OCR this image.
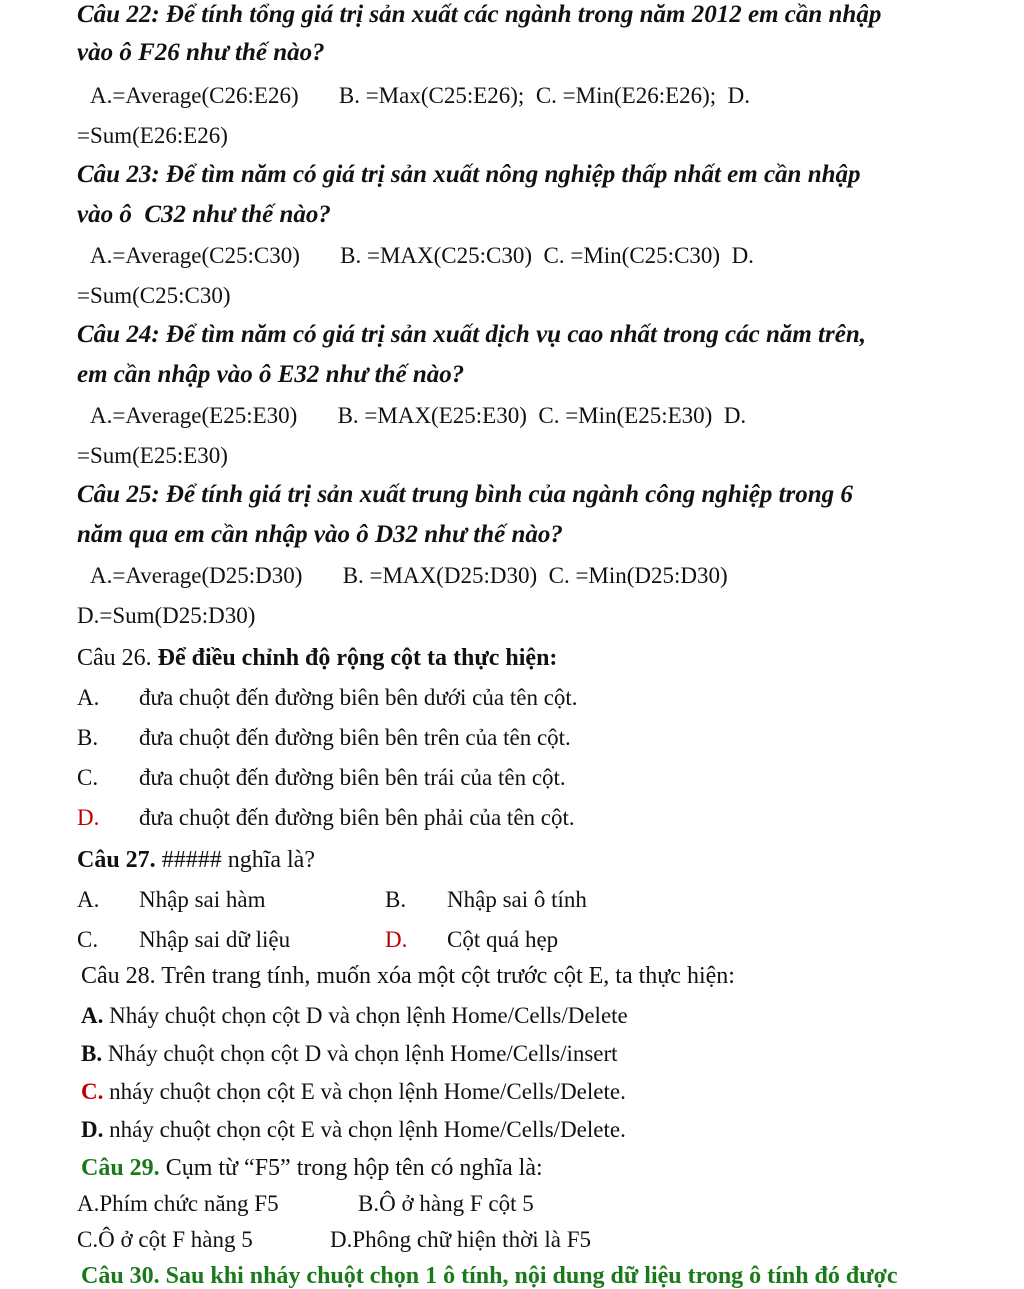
Câu 22: Để tính tổng giá trị sản xuất các ngành trong năm 2012 em cần nhập
vào ô F26 như thế nào?
A.=Average(C26:E26)       B. =Max(C25:E26);  C. =Min(E26:E26);  D.
=Sum(E26:E26)
Câu 23: Để tìm năm có giá trị sản xuất nông nghiệp thấp nhất em cần nhập
vào ô  C32 như thế nào?
A.=Average(C25:C30)       B. =MAX(C25:C30)  C. =Min(C25:C30)  D.
=Sum(C25:C30)
Câu 24: Để tìm năm có giá trị sản xuất dịch vụ cao nhất trong các năm trên,
em cần nhập vào ô E32 như thế nào?
A.=Average(E25:E30)       B. =MAX(E25:E30)  C. =Min(E25:E30)  D.
=Sum(E25:E30)
Câu 25: Để tính giá trị sản xuất trung bình của ngành công nghiệp trong 6
năm qua em cần nhập vào ô D32 như thế nào?
A.=Average(D25:D30)       B. =MAX(D25:D30)  C. =Min(D25:D30)
D.=Sum(D25:D30)
Câu 26. Để điều chỉnh độ rộng cột ta thực hiện:
A. đưa chuột đến đường biên bên dưới của tên cột.
B. đưa chuột đến đường biên bên trên của tên cột.
C. đưa chuột đến đường biên bên trái của tên cột.
D. đưa chuột đến đường biên bên phải của tên cột.
Câu 27. ##### nghĩa là?
A. Nhập sai hàm	B. Nhập sai ô tính
C. Nhập sai dữ liệu	D. Cột quá hẹp
Câu 28. Trên trang tính, muốn xóa một cột trước cột E, ta thực hiện:
A. Nháy chuột chọn cột D và chọn lệnh Home/Cells/Delete
B. Nháy chuột chọn cột D và chọn lệnh Home/Cells/insert
C. nháy chuột chọn cột E và chọn lệnh Home/Cells/Delete.
D. nháy chuột chọn cột E và chọn lệnh Home/Cells/Delete.
Câu 29. Cụm từ “F5” trong hộp tên có nghĩa là:
A.Phím chức năng F5	B.Ô ở hàng F cột 5
C.Ô ở cột F hàng 5	D.Phông chữ hiện thời là F5
Câu 30. Sau khi nháy chuột chọn 1 ô tính, nội dung dữ liệu trong ô tính đó được
